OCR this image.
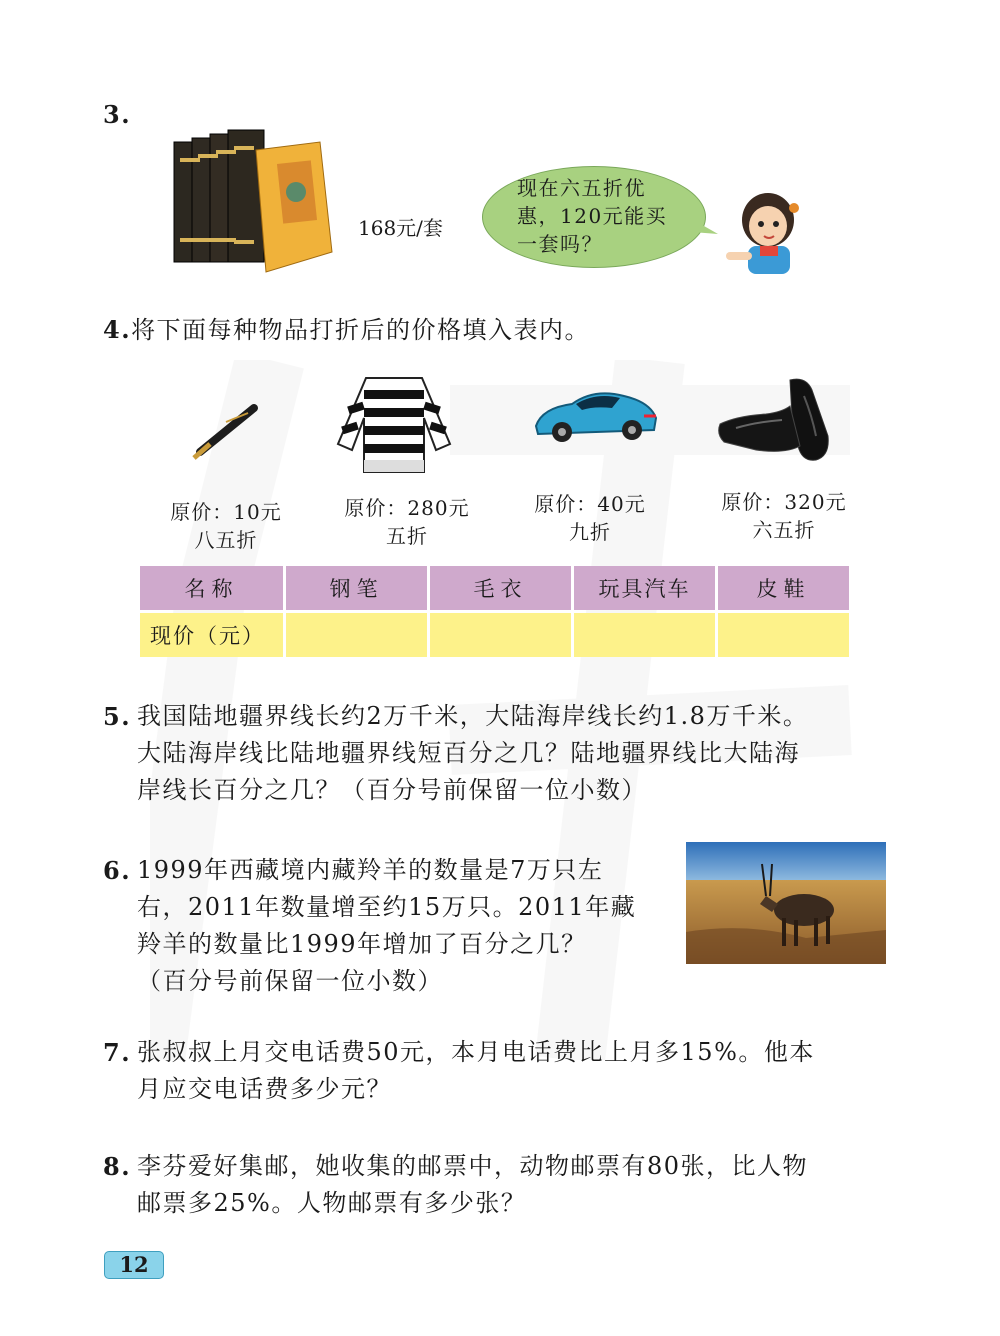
3.
168元/套
现在六五折优惠，120元能买一套吗？
4.将下面每种物品打折后的价格填入表内。
原价：10元
八五折
原价：280元
五折
原价：40元
九折
原价：320元
六五折
名称	钢笔	毛衣	玩具汽车	皮鞋
现价（元）				
5. 我国陆地疆界线长约2万千米，大陆海岸线长约1.8万千米。
大陆海岸线比陆地疆界线短百分之几？陆地疆界线比大陆海
岸线长百分之几？（百分号前保留一位小数）
6. 1999年西藏境内藏羚羊的数量是7万只左
右，2011年数量增至约15万只。2011年藏
羚羊的数量比1999年增加了百分之几？
（百分号前保留一位小数）
7. 张叔叔上月交电话费50元，本月电话费比上月多15%。他本
月应交电话费多少元？
8. 李芬爱好集邮，她收集的邮票中，动物邮票有80张，比人物
邮票多25%。人物邮票有多少张？
12
